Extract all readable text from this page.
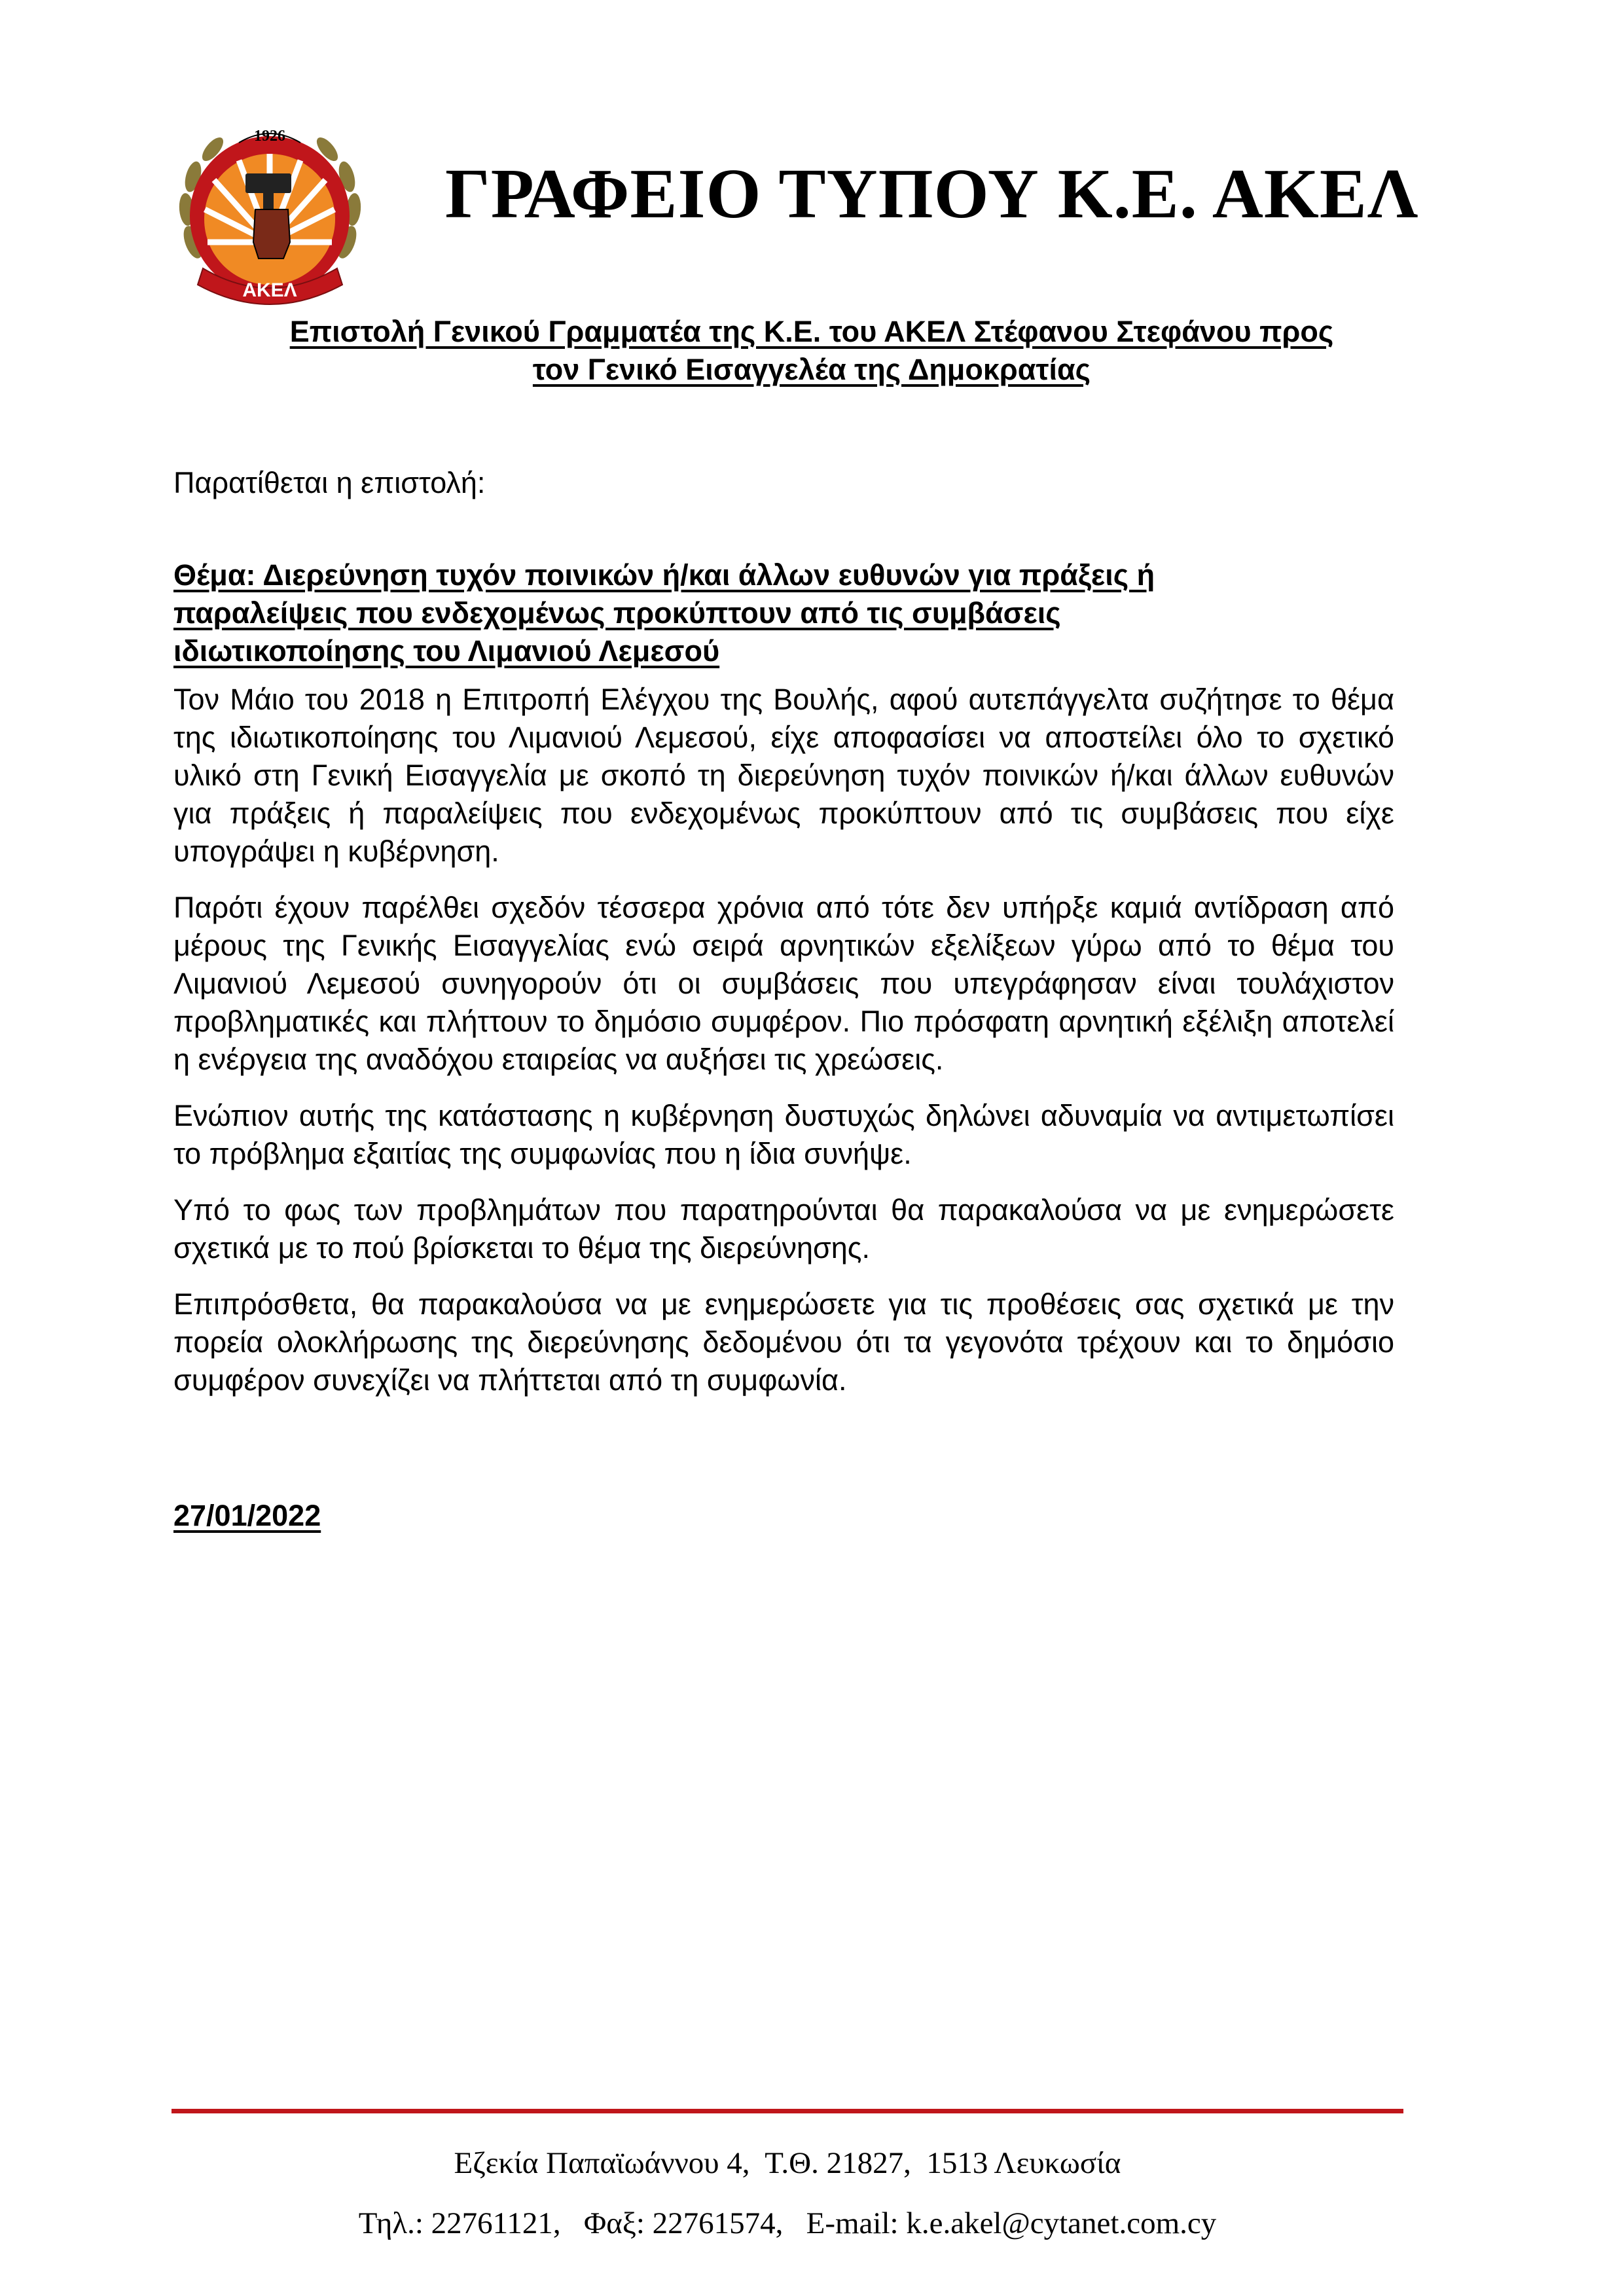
1926
ΑΚΕΛ
ΓΡΑΦΕΙΟ ΤΥΠΟΥ Κ.Ε. ΑΚΕΛ
Επιστολή Γενικού Γραμματέα της Κ.Ε. του ΑΚΕΛ Στέφανου Στεφάνου προς
τον Γενικό Εισαγγελέα της Δημοκρατίας
Παρατίθεται η επιστολή:
Θέμα: Διερεύνηση τυχόν ποινικών ή/και άλλων ευθυνών για πράξεις ή
παραλείψεις που ενδεχομένως προκύπτουν από τις συμβάσεις
ιδιωτικοποίησης του Λιμανιού Λεμεσού

Τον Μάιο του 2018 η Επιτροπή Ελέγχου της Βουλής, αφού αυτεπάγγελτα συζήτησε το θέμα της ιδιωτικοποίησης του Λιμανιού Λεμεσού, είχε αποφασίσει να αποστείλει όλο το σχετικό υλικό στη Γενική Εισαγγελία με σκοπό τη διερεύνηση τυχόν ποινικών ή/και άλλων ευθυνών για πράξεις ή παραλείψεις που ενδεχομένως προκύπτουν από τις συμβάσεις που είχε υπογράψει η κυβέρνηση.

Παρότι έχουν παρέλθει σχεδόν τέσσερα χρόνια από τότε δεν υπήρξε καμιά αντίδραση από μέρους της Γενικής Εισαγγελίας ενώ σειρά αρνητικών εξελίξεων γύρω από το θέμα του Λιμανιού Λεμεσού συνηγορούν ότι οι συμβάσεις που υπεγράφησαν είναι τουλάχιστον προβληματικές και πλήττουν το δημόσιο συμφέρον. Πιο πρόσφατη αρνητική εξέλιξη αποτελεί η ενέργεια της αναδόχου εταιρείας να αυξήσει τις χρεώσεις.

Ενώπιον αυτής της κατάστασης η κυβέρνηση δυστυχώς δηλώνει αδυναμία να αντιμετωπίσει το πρόβλημα εξαιτίας της συμφωνίας που η ίδια συνήψε.

Υπό το φως των προβλημάτων που παρατηρούνται θα παρακαλούσα να με ενημερώσετε σχετικά με το πού βρίσκεται το θέμα της διερεύνησης.

Επιπρόσθετα, θα παρακαλούσα να με ενημερώσετε για τις προθέσεις σας σχετικά με την πορεία ολοκλήρωσης της διερεύνησης δεδομένου ότι τα γεγονότα τρέχουν και το δημόσιο συμφέρον συνεχίζει να πλήττεται από τη συμφωνία.

27/01/2022
Εζεκία Παπαϊωάννου 4,  Τ.Θ. 21827,  1513 Λευκωσία
Τηλ.: 22761121,   Φαξ: 22761574,   E-mail: k.e.akel@cytanet.com.cy
